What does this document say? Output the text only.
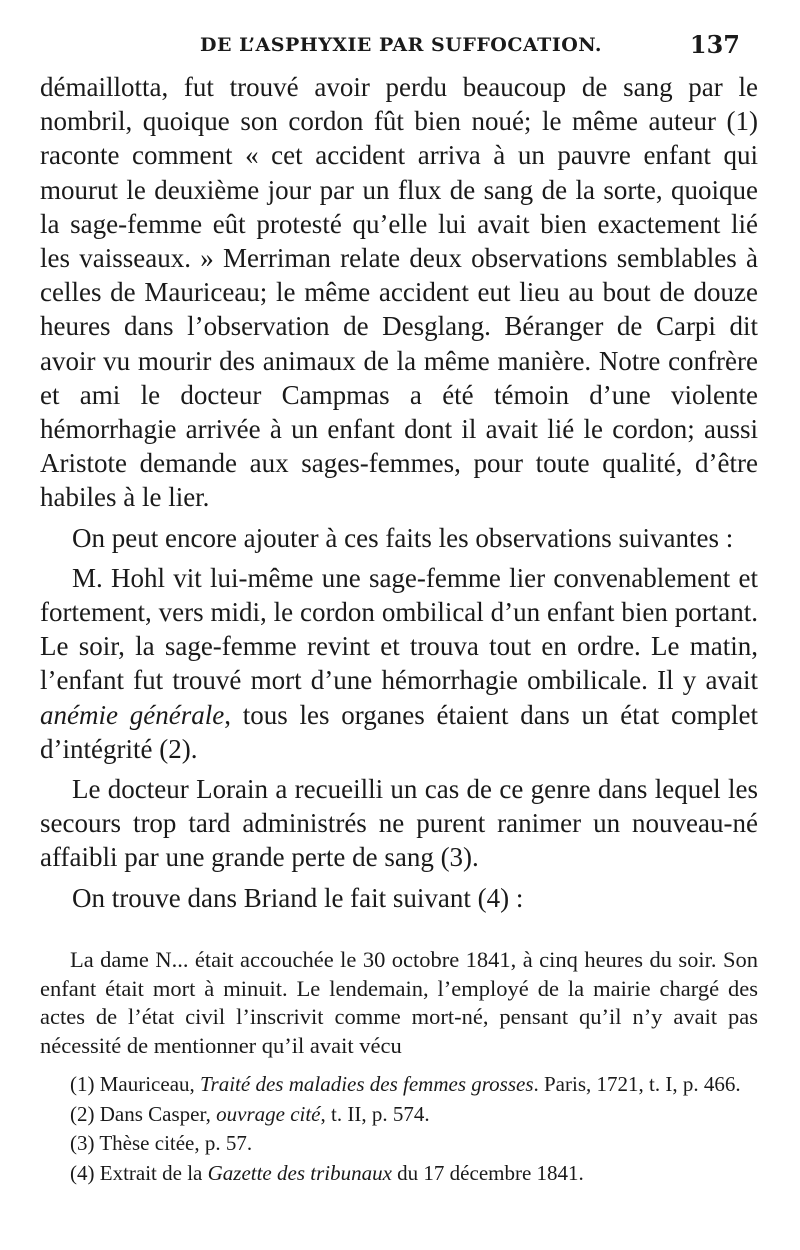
DE L’ASPHYXIE PAR SUFFOCATION.	137

démaillotta, fut trouvé avoir perdu beaucoup de sang par le nombril, quoique son cordon fût bien noué; le même auteur (1) raconte comment « cet accident arriva à un pauvre enfant qui mourut le deuxième jour par un flux de sang de la sorte, quoique la sage-femme eût protesté qu’elle lui avait bien exactement lié les vaisseaux. » Merriman relate deux observations semblables à celles de Mauriceau; le même accident eut lieu au bout de douze heures dans l’observation de Desglang. Béranger de Carpi dit avoir vu mourir des animaux de la même manière. Notre confrère et ami le docteur Campmas a été témoin d’une violente hémorrhagie arrivée à un enfant dont il avait lié le cordon; aussi Aristote demande aux sages-femmes, pour toute qualité, d’être habiles à le lier.

On peut encore ajouter à ces faits les observations suivantes :

M. Hohl vit lui-même une sage-femme lier convenablement et fortement, vers midi, le cordon ombilical d’un enfant bien portant. Le soir, la sage-femme revint et trouva tout en ordre. Le matin, l’enfant fut trouvé mort d’une hémorrhagie ombilicale. Il y avait anémie générale, tous les organes étaient dans un état complet d’intégrité (2).

Le docteur Lorain a recueilli un cas de ce genre dans lequel les secours trop tard administrés ne purent ranimer un nouveau-né affaibli par une grande perte de sang (3).

On trouve dans Briand le fait suivant (4) :

La dame N... était accouchée le 30 octobre 1841, à cinq heures du soir. Son enfant était mort à minuit. Le lendemain, l’employé de la mairie chargé des actes de l’état civil l’inscrivit comme mort-né, pensant qu’il n’y avait pas nécessité de mentionner qu’il avait vécu

(1) Mauriceau, Traité des maladies des femmes grosses. Paris, 1721, t. I, p. 466.

(2) Dans Casper, ouvrage cité, t. II, p. 574.

(3) Thèse citée, p. 57.

(4) Extrait de la Gazette des tribunaux du 17 décembre 1841.
